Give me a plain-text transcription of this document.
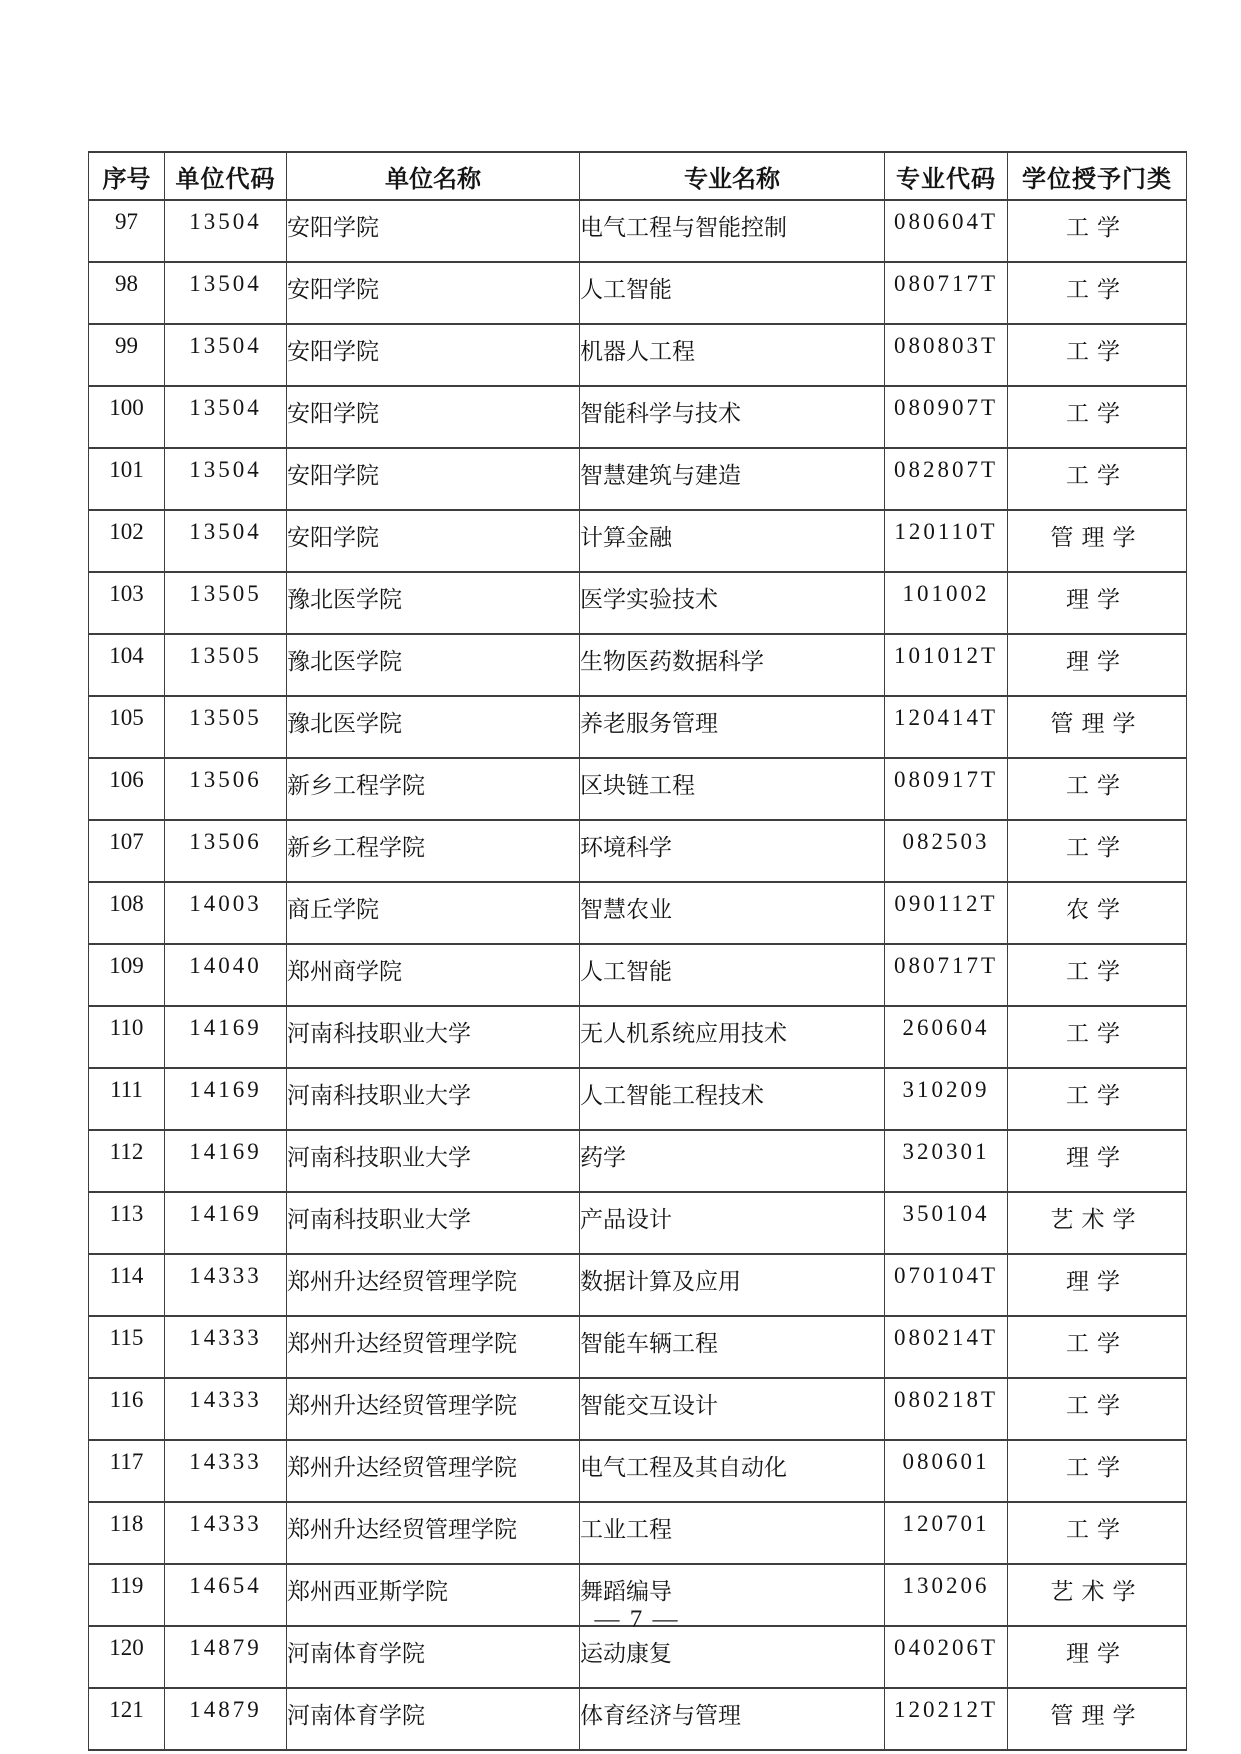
序号	单位代码	单位名称	专业名称	专业代码	学位授予门类
97	13504	安阳学院	电气工程与智能控制	080604T	工学
98	13504	安阳学院	人工智能	080717T	工学
99	13504	安阳学院	机器人工程	080803T	工学
100	13504	安阳学院	智能科学与技术	080907T	工学
101	13504	安阳学院	智慧建筑与建造	082807T	工学
102	13504	安阳学院	计算金融	120110T	管理学
103	13505	豫北医学院	医学实验技术	101002	理学
104	13505	豫北医学院	生物医药数据科学	101012T	理学
105	13505	豫北医学院	养老服务管理	120414T	管理学
106	13506	新乡工程学院	区块链工程	080917T	工学
107	13506	新乡工程学院	环境科学	082503	工学
108	14003	商丘学院	智慧农业	090112T	农学
109	14040	郑州商学院	人工智能	080717T	工学
110	14169	河南科技职业大学	无人机系统应用技术	260604	工学
111	14169	河南科技职业大学	人工智能工程技术	310209	工学
112	14169	河南科技职业大学	药学	320301	理学
113	14169	河南科技职业大学	产品设计	350104	艺术学
114	14333	郑州升达经贸管理学院	数据计算及应用	070104T	理学
115	14333	郑州升达经贸管理学院	智能车辆工程	080214T	工学
116	14333	郑州升达经贸管理学院	智能交互设计	080218T	工学
117	14333	郑州升达经贸管理学院	电气工程及其自动化	080601	工学
118	14333	郑州升达经贸管理学院	工业工程	120701	工学
119	14654	郑州西亚斯学院	舞蹈编导	130206	艺术学
120	14879	河南体育学院	运动康复	040206T	理学
121	14879	河南体育学院	体育经济与管理	120212T	管理学
— 7 —
